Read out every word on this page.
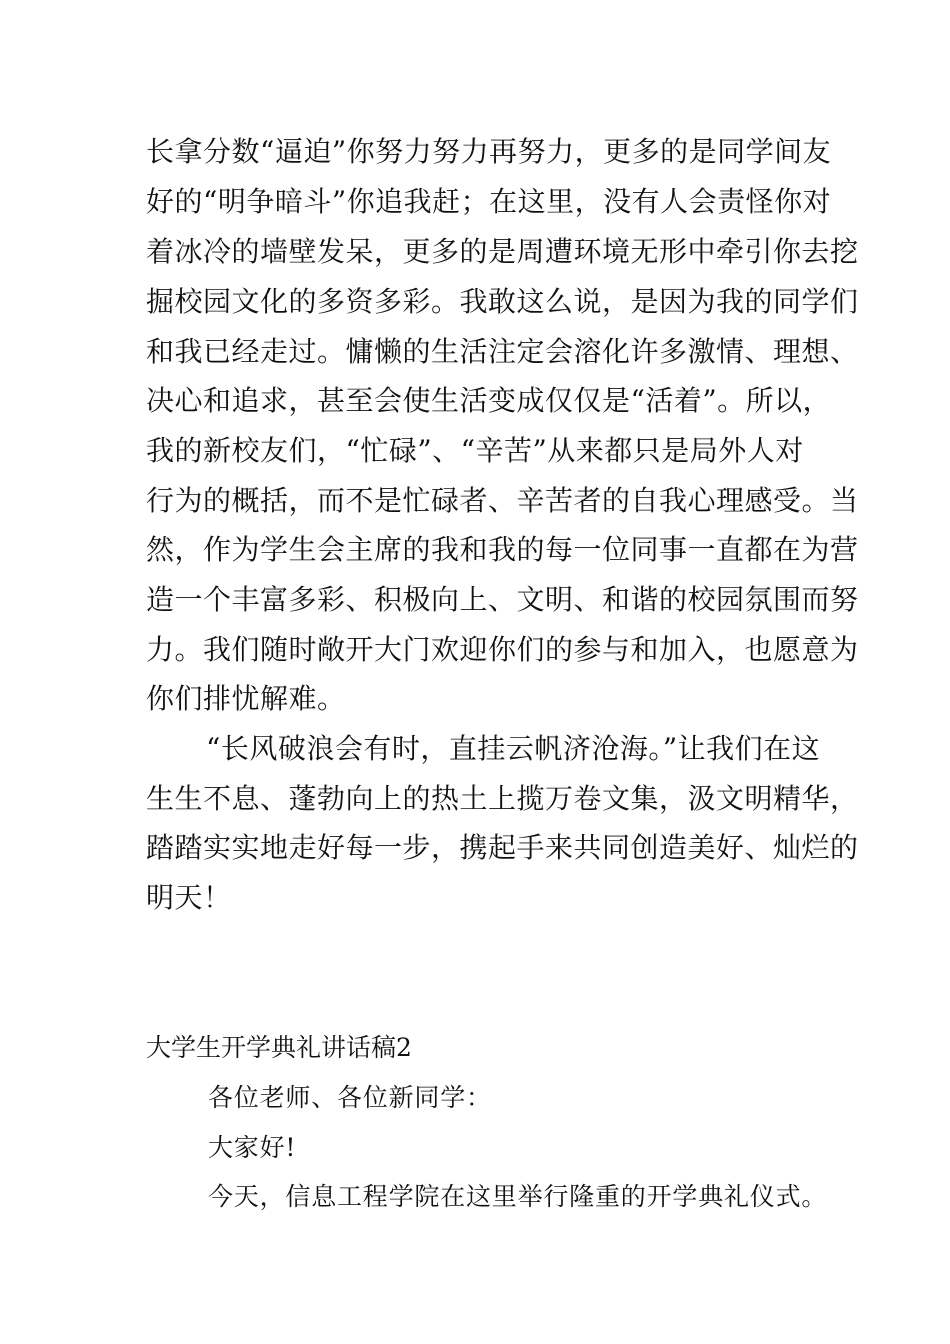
长拿分数“逼迫”你努力努力再努力，更多的是同学间友
好的“明争暗斗”你追我赶；在这里，没有人会责怪你对
着冰冷的墙壁发呆，更多的是周遭环境无形中牵引你去挖
掘校园文化的多资多彩。我敢这么说，是因为我的同学们
和我已经走过。慵懒的生活注定会溶化许多激情、理想、
决心和追求，甚至会使生活变成仅仅是“活着”。所以，
我的新校友们，“忙碌”、“辛苦”从来都只是局外人对
行为的概括，而不是忙碌者、辛苦者的自我心理感受。当
然，作为学生会主席的我和我的每一位同事一直都在为营
造一个丰富多彩、积极向上、文明、和谐的校园氛围而努
力。我们随时敞开大门欢迎你们的参与和加入，也愿意为
你们排忧解难。
“长风破浪会有时，直挂云帆济沧海。”让我们在这
生生不息、蓬勃向上的热土上揽万卷文集，汲文明精华，
踏踏实实地走好每一步，携起手来共同创造美好、灿烂的
明天！
大学生开学典礼讲话稿2
各位老师、各位新同学：
大家好!
今天，信息工程学院在这里举行隆重的开学典礼仪式。
